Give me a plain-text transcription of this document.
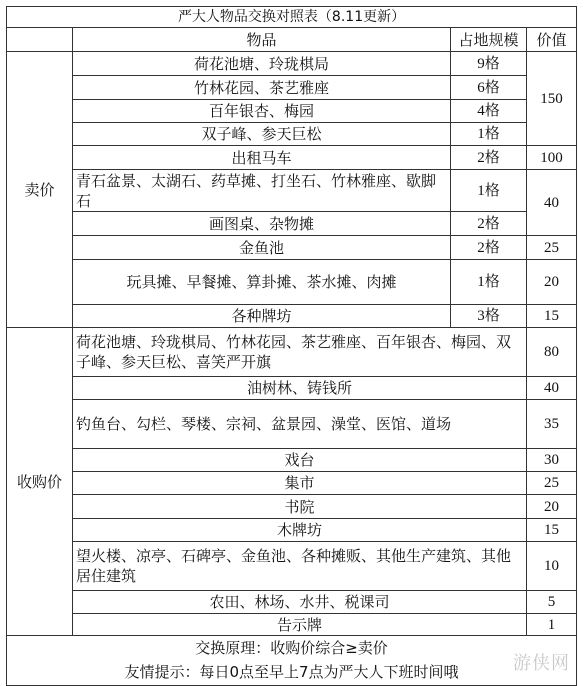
严大人物品交换对照表（8.11更新）			
	物品	占地规模	价值
卖价	荷花池塘、玲珑棋局	9格	150
	竹林花园、茶艺雅座	6格	
	百年银杏、梅园	4格	
	双子峰、参天巨松	1格	
	出租马车	2格	100
	青石盆景、太湖石、药草摊、打坐石、竹林雅座、歇脚石	1格	40
	画图桌、杂物摊	2格	
	金鱼池	2格	25
	玩具摊、早餐摊、算卦摊、茶水摊、肉摊	1格	20
	各种牌坊	3格	15
收购价	荷花池塘、玲珑棋局、竹林花园、茶艺雅座、百年银杏、梅园、双子峰、参天巨松、喜笑严开旗		80
	油树林、铸钱所		40
	钓鱼台、勾栏、琴楼、宗祠、盆景园、澡堂、医馆、道场		35
	戏台		30
	集市		25
	书院		20
	木牌坊		15
	望火楼、凉亭、石碑亭、金鱼池、各种摊贩、其他生产建筑、其他居住建筑		10
	农田、林场、水井、税课司		5
	告示牌		1
交换原理：收购价综合≥卖价			
友情提示：每日0点至早上7点为严大人下班时间哦				游侠网
